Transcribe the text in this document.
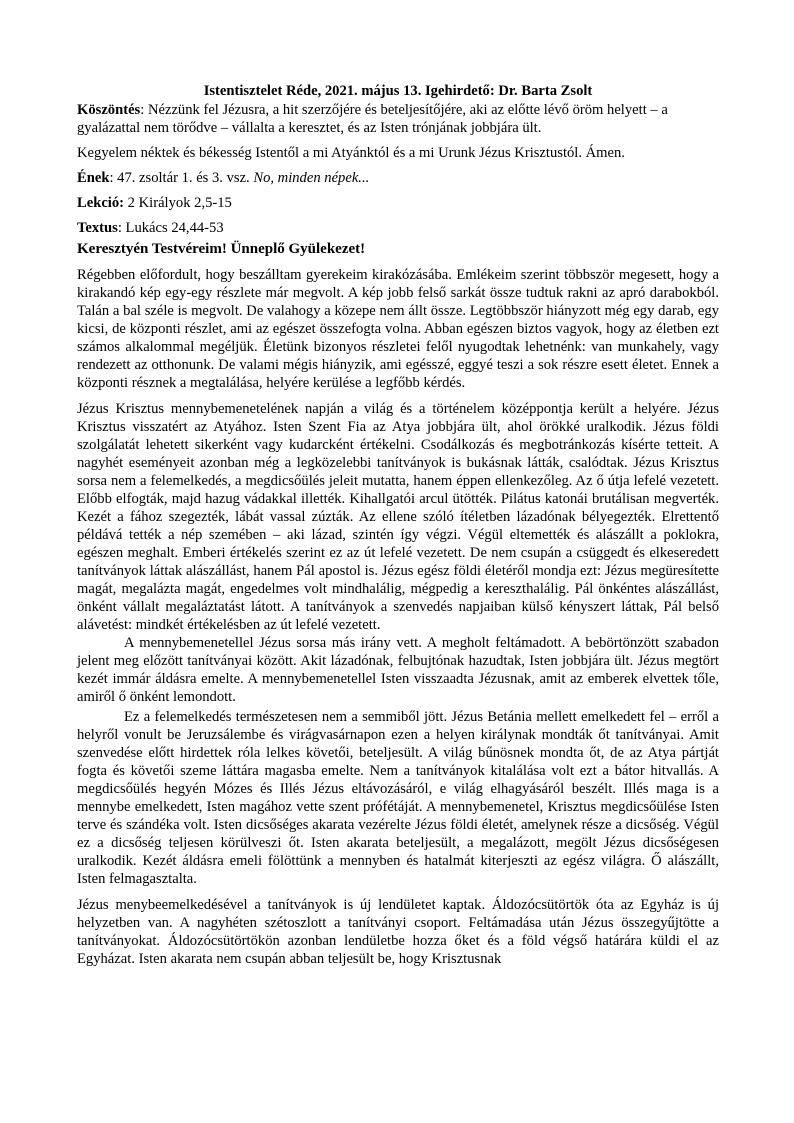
Istentisztelet Réde, 2021. május 13. Igehirdető: Dr. Barta Zsolt

Köszöntés: Nézzünk fel Jézusra, a hit szerzőjére és beteljesítőjére, aki az előtte lévő öröm helyett – a gyalázattal nem törődve – vállalta a keresztet, és az Isten trónjának jobbjára ült.

Kegyelem néktek és békesség Istentől a mi Atyánktól és a mi Urunk Jézus Krisztustól. Ámen.

Ének: 47. zsoltár 1. és 3. vsz. No, minden népek...

Lekció: 2 Királyok 2,5-15

Textus: Lukács 24,44-53

Keresztyén Testvéreim! Ünneplő Gyülekezet!

Régebben előfordult, hogy beszálltam gyerekeim kirakózásába. Emlékeim szerint többször megesett, hogy a kirakandó kép egy-egy részlete már megvolt. A kép jobb felső sarkát össze tudtuk rakni az apró darabokból. Talán a bal széle is megvolt. De valahogy a közepe nem állt össze. Legtöbbször hiányzott még egy darab, egy kicsi, de központi részlet, ami az egészet összefogta volna. Abban egészen biztos vagyok, hogy az életben ezt számos alkalommal megéljük. Életünk bizonyos részletei felől nyugodtak lehetnénk: van munkahely, vagy rendezett az otthonunk. De valami mégis hiányzik, ami egésszé, eggyé teszi a sok részre esett életet. Ennek a központi résznek a megtalálása, helyére kerülése a legfőbb kérdés.

Jézus Krisztus mennybemenetelének napján a világ és a történelem középpontja került a helyére. Jézus Krisztus visszatért az Atyához. Isten Szent Fia az Atya jobbjára ült, ahol örökké uralkodik. Jézus földi szolgálatát lehetett sikerként vagy kudarcként értékelni. Csodálkozás és megbotránkozás kísérte tetteit. A nagyhét eseményeit azonban még a legközelebbi tanítványok is bukásnak látták, csalódtak. Jézus Krisztus sorsa nem a felemelkedés, a megdicsőülés jeleit mutatta, hanem éppen ellenkezőleg. Az ő útja lefelé vezetett. Előbb elfogták, majd hazug vádakkal illették. Kihallgatói arcul ütötték. Pilátus katonái brutálisan megverték. Kezét a fához szegezték, lábát vassal zúzták. Az ellene szóló ítéletben lázadónak bélyegezték. Elrettentő példává tették a nép szemében – aki lázad, szintén így végzi. Végül eltemették és alászállt a poklokra, egészen meghalt. Emberi értékelés szerint ez az út lefelé vezetett. De nem csupán a csüggedt és elkeseredett tanítványok láttak alászállást, hanem Pál apostol is. Jézus egész földi életéről mondja ezt: Jézus megüresítette magát, megalázta magát, engedelmes volt mindhalálig, mégpedig a kereszthalálig. Pál önkéntes alászállást, önként vállalt megaláztatást látott. A tanítványok a szenvedés napjaiban külső kényszert láttak, Pál belső alávetést: mindkét értékelésben az út lefelé vezetett.

A mennybemenetellel Jézus sorsa más irány vett. A megholt feltámadott. A bebörtönzött szabadon jelent meg előzött tanítványai között. Akit lázadónak, felbujtónak hazudtak, Isten jobbjára ült. Jézus megtört kezét immár áldásra emelte. A mennybemenetellel Isten visszaadta Jézusnak, amit az emberek elvettek tőle, amiről ő önként lemondott.

Ez a felemelkedés természetesen nem a semmiből jött. Jézus Betánia mellett emelkedett fel – erről a helyről vonult be Jeruzsálembe és virágvasárnapon ezen a helyen királynak mondták őt tanítványai. Amit szenvedése előtt hirdettek róla lelkes követői, beteljesült. A világ bűnösnek mondta őt, de az Atya pártját fogta és követői szeme láttára magasba emelte. Nem a tanítványok kitalálása volt ezt a bátor hitvallás. A megdicsőülés hegyén Mózes és Illés Jézus eltávozásáról, e világ elhagyásáról beszélt. Illés maga is a mennybe emelkedett, Isten magához vette szent prófétáját. A mennybemenetel, Krisztus megdicsőülése Isten terve és szándéka volt. Isten dicsőséges akarata vezérelte Jézus földi életét, amelynek része a dicsőség. Végül ez a dicsőség teljesen körülveszi őt. Isten akarata beteljesült, a megalázott, megölt Jézus dicsőségesen uralkodik. Kezét áldásra emeli fölöttünk a mennyben és hatalmát kiterjeszti az egész világra. Ő alászállt, Isten felmagasztalta.

Jézus menybeemelkedésével a tanítványok is új lendületet kaptak. Áldozócsütörtök óta az Egyház is új helyzetben van. A nagyhéten szétoszlott a tanítványi csoport. Feltámadása után Jézus összegyűjtötte a tanítványokat. Áldozócsütörtökön azonban lendületbe hozza őket és a föld végső határára küldi el az Egyházat. Isten akarata nem csupán abban teljesült be, hogy Krisztusnak
